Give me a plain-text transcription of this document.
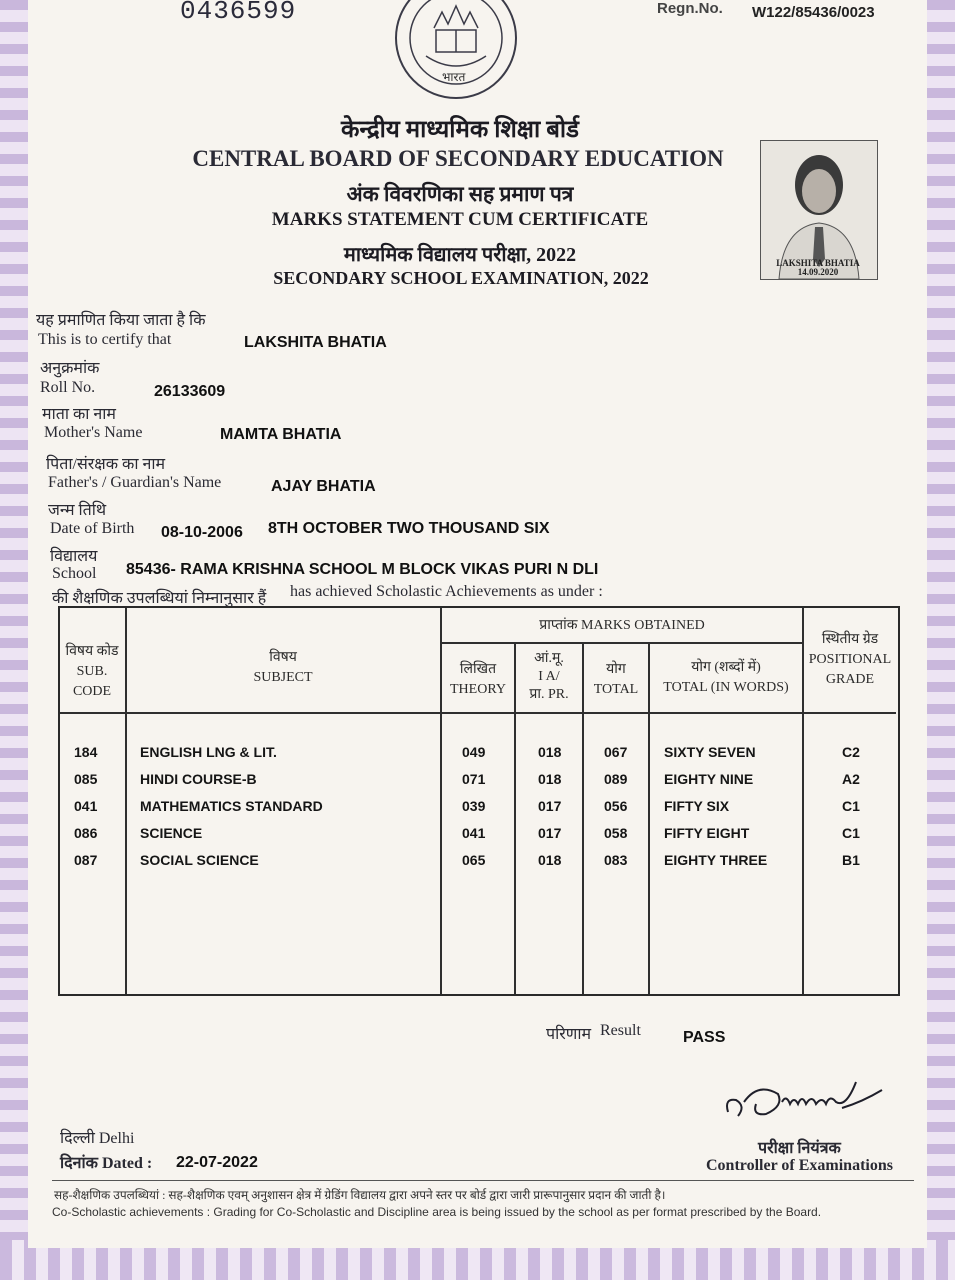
0436599	Regn.No. W122/85436/0023
भारत
केन्द्रीय माध्यमिक शिक्षा बोर्ड
CENTRAL BOARD OF SECONDARY EDUCATION
अंक विवरणिका सह प्रमाण पत्र
MARKS STATEMENT CUM CERTIFICATE
माध्यमिक विद्यालय परीक्षा, 2022
SECONDARY SCHOOL EXAMINATION, 2022
LAKSHITA BHATIA
14.09.2020
यह प्रमाणित किया जाता है कि
This is to certify that	LAKSHITA BHATIA
अनुक्रमांक
Roll No.	26133609
माता का नाम
Mother's Name	MAMTA BHATIA
पिता/संरक्षक का नाम
Father's / Guardian's Name	AJAY BHATIA
जन्म तिथि
Date of Birth 08-10-2006 8TH OCTOBER TWO THOUSAND SIX
विद्यालय
School 85436- RAMA KRISHNA SCHOOL M BLOCK VIKAS PURI N DLI
की शैक्षणिक उपलब्धियां निम्नानुसार हैं has achieved Scholastic Achievements as under :
विषय कोड
SUB.
CODE
विषय
SUBJECT
प्राप्तांक MARKS OBTAINED
लिखित
THEORY
आं.मू.
I A/
प्रा. PR.
योग
TOTAL
योग (शब्दों में)
TOTAL (IN WORDS)
स्थितीय ग्रेड
POSITIONAL
GRADE
184	ENGLISH LNG & LIT.	049	018	067	SIXTY SEVEN	C2
085	HINDI COURSE-B	071	018	089	EIGHTY NINE	A2
041	MATHEMATICS STANDARD	039	017	056	FIFTY SIX	C1
086	SCIENCE	041	017	058	FIFTY EIGHT	C1
087	SOCIAL SCIENCE	065	018	083	EIGHTY THREE	B1
परिणाम Result	PASS
दिल्ली Delhi
दिनांक Dated : 22-07-2022
परीक्षा नियंत्रक
Controller of Examinations
सह-शैक्षणिक उपलब्धियां : सह-शैक्षणिक एवम् अनुशासन क्षेत्र में ग्रेडिंग विद्यालय द्वारा अपने स्तर पर बोर्ड द्वारा जारी प्रारूपानुसार प्रदान की जाती है।
Co-Scholastic achievements : Grading for Co-Scholastic and Discipline area is being issued by the school as per format prescribed by the Board.
